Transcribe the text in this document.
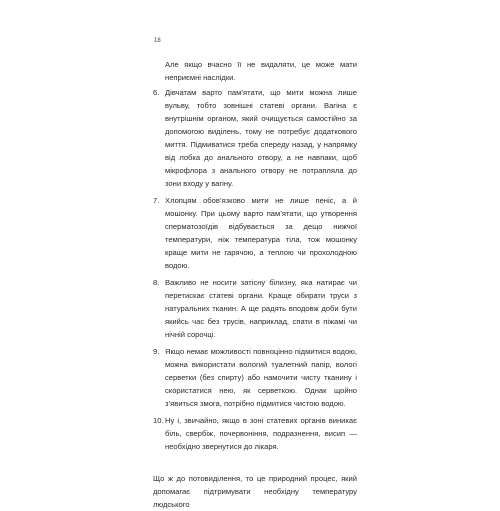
18

Але якщо вчасно її не видаляти, це може мати неприємні наслідки.

6. Дівчатам варто пам’ятати, що мити можна лише вульву, тобто зовнішні статеві органи. Вагіна є внутрішнім органом, який очищується самостійно за допомогою виділень, тому не потребує додаткового миття. Підмиватися треба спереду назад, у напрямку від лобка до анального отвору, а не навпаки, щоб мікрофлора з анального отвору не потрапляла до зони входу у вагіну.
7. Хлопцям обов’язково мити не лише пеніс, а й мошонку. При цьому варто пам’ятати, що утворення сперматозоїдів відбувається за дещо нижчої температури, ніж температура тіла, тож мошонку краще мити не гарячою, а теплою чи прохолодною водою.
8. Важливо не носити затісну білизну, яка натирає чи перетискає статеві органи. Краще обирати труси з натуральних тканин. А ще радять вподовж доби бути якийсь час без трусів, наприклад, спати в піжамі чи нічній сорочці.
9. Якщо немає можливості повноцінно підмитися водою, можна використати вологий туалетний папір, вологі серветки (без спирту) або намочити чисту тканину і скористатися нею, як серветкою. Однак щойно з’явиться змога, потрібно підмитися чистою водою.
10. Ну і, звичайно, якщо в зоні статевих органів виникає біль, свербіж, почервоніння, подразнення, висип — необхідно звернутися до лікаря.

Що ж до потовиділення, то це природний процес, який допомагає підтримувати необхідну температуру людського
